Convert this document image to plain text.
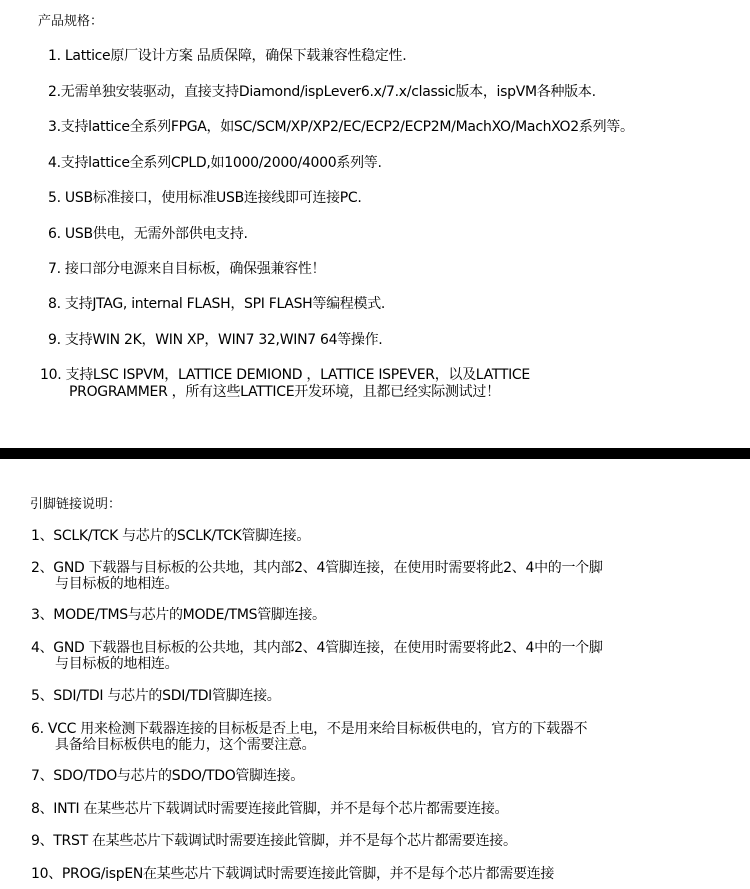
产品规格：
1. Lattice原厂设计方案 品质保障，确保下载兼容性稳定性.
2.无需单独安装驱动，直接支持Diamond/ispLever6.x/7.x/classic版本，ispVM各种版本.
3.支持lattice全系列FPGA，如SC/SCM/XP/XP2/EC/ECP2/ECP2M/MachXO/MachXO2系列等。
4.支持lattice全系列CPLD,如1000/2000/4000系列等.
5. USB标准接口，使用标准USB连接线即可连接PC.
6. USB供电，无需外部供电支持.
7. 接口部分电源来自目标板，确保强兼容性！
8. 支持JTAG, internal FLASH，SPI FLASH等编程模式.
9. 支持WIN 2K，WIN XP，WIN7 32,WIN7 64等操作.
10. 支持LSC ISPVM，LATTICE DEMIOND ，LATTICE ISPEVER，以及LATTICE
PROGRAMMER ，所有这些LATTICE开发环境，且都已经实际测试过！
引脚链接说明：
1、SCLK/TCK 与芯片的SCLK/TCK管脚连接。
2、GND 下载器与目标板的公共地，其内部2、4管脚连接，在使用时需要将此2、4中的一个脚
与目标板的地相连。
3、MODE/TMS与芯片的MODE/TMS管脚连接。
4、GND 下载器也目标板的公共地，其内部2、4管脚连接，在使用时需要将此2、4中的一个脚
与目标板的地相连。
5、SDI/TDI 与芯片的SDI/TDI管脚连接。
6. VCC 用来检测下载器连接的目标板是否上电，不是用来给目标板供电的，官方的下载器不
具备给目标板供电的能力，这个需要注意。
7、SDO/TDO与芯片的SDO/TDO管脚连接。
8、INTI 在某些芯片下载调试时需要连接此管脚，并不是每个芯片都需要连接。
9、TRST 在某些芯片下载调试时需要连接此管脚，并不是每个芯片都需要连接。
10、PROG/ispEN在某些芯片下载调试时需要连接此管脚，并不是每个芯片都需要连接
